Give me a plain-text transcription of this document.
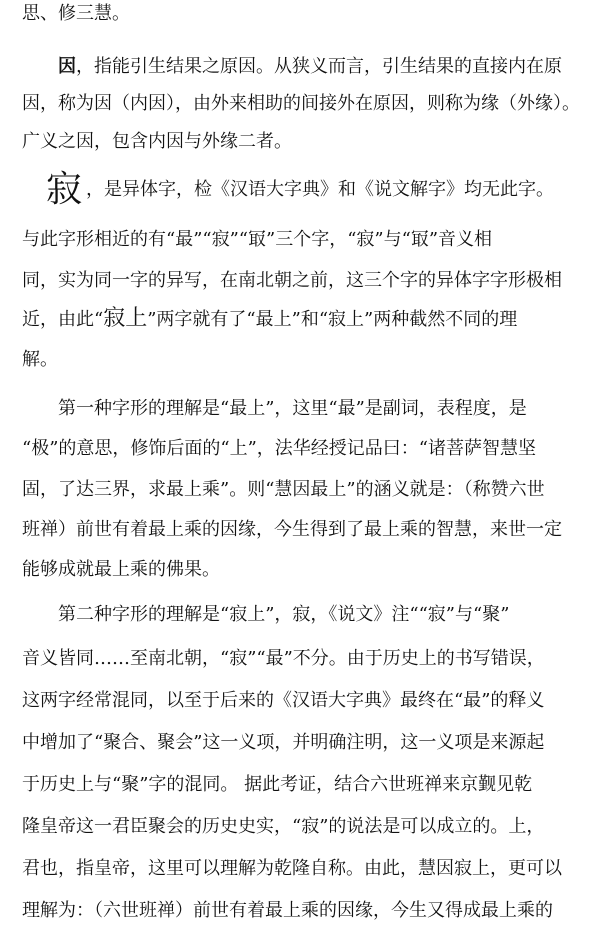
思、修三慧。
因，指能引生结果之原因。从狭义而言，引生结果的直接内在原
因，称为因（内因），由外来相助的间接外在原因，则称为缘（外缘）。
广义之因，包含内因与外缘二者。
寂 ，是异体字，检《汉语大字典》和《说文解字》均无此字。
与此字形相近的有“最”“寂”“冣”三个字，“寂”与“冣”音义相
同，实为同一字的异写，在南北朝之前，这三个字的异体字字形极相
近，由此“寂上”两字就有了“最上”和“寂上”两种截然不同的理
解。
第一种字形的理解是“最上”，这里“最”是副词，表程度，是
“极”的意思，修饰后面的“上”，法华经授记品曰：“诸菩萨智慧坚
固，了达三界，求最上乘”。则“慧因最上”的涵义就是：（称赞六世
班禅）前世有着最上乘的因缘，今生得到了最上乘的智慧，来世一定
能够成就最上乘的佛果。
第二种字形的理解是“寂上”，寂，《说文》注““寂”与“聚”
音义皆同……至南北朝，“寂”“最”不分。由于历史上的书写错误，
这两字经常混同，以至于后来的《汉语大字典》最终在“最”的释义
中增加了“聚合、聚会”这一义项，并明确注明，这一义项是来源起
于历史上与“聚”字的混同。 据此考证，结合六世班禅来京觐见乾
隆皇帝这一君臣聚会的历史史实，“寂”的说法是可以成立的。上，
君也，指皇帝，这里可以理解为乾隆自称。由此，慧因寂上，更可以
理解为：（六世班禅）前世有着最上乘的因缘，今生又得成最上乘的
